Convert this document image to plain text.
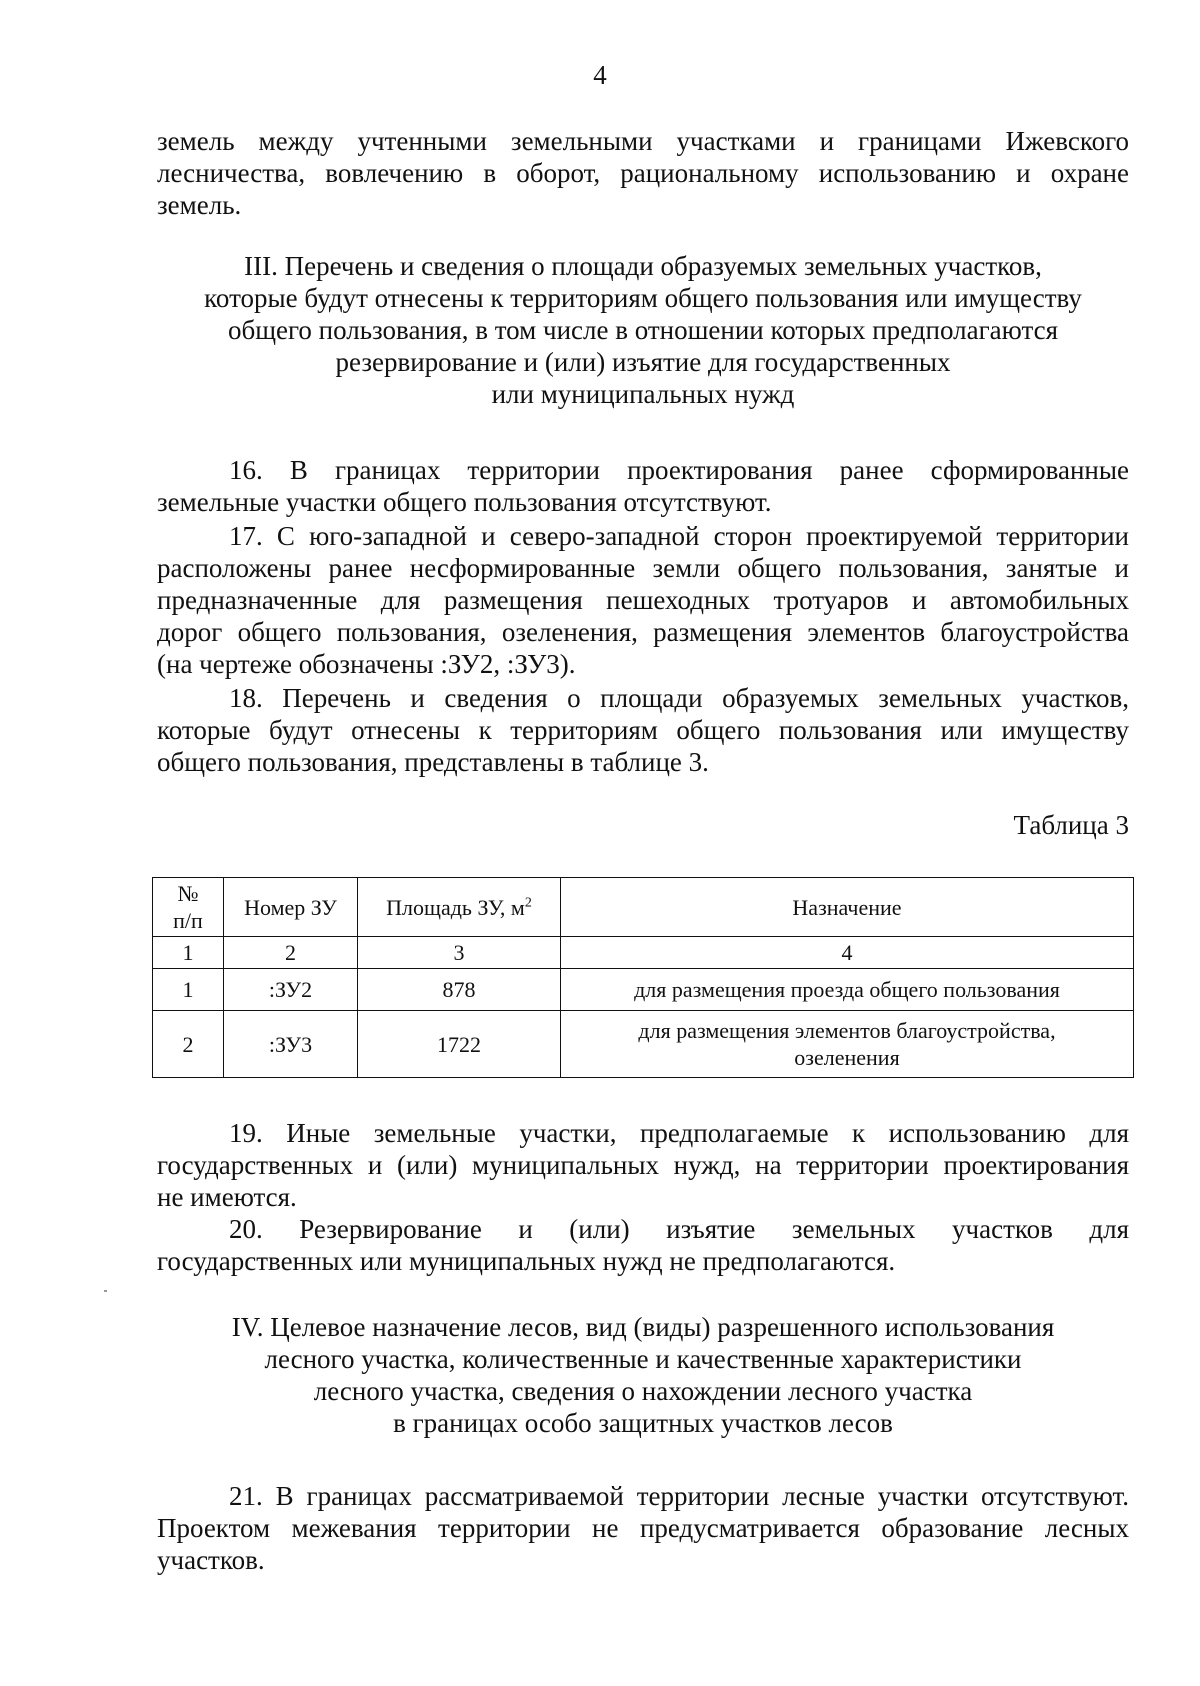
4
земель между учтенными земельными участками и границами Ижевского
лесничества, вовлечению в оборот, рациональному использованию и охране
земель.
III. Перечень и сведения о площади образуемых земельных участков,
которые будут отнесены к территориям общего пользования или имуществу
общего пользования, в том числе в отношении которых предполагаются
резервирование и (или) изъятие для государственных
или муниципальных нужд
16. В границах территории проектирования ранее сформированные
земельные участки общего пользования отсутствуют.
17. С юго-западной и северо-западной сторон проектируемой территории
расположены ранее несформированные земли общего пользования, занятые и
предназначенные для размещения пешеходных тротуаров и автомобильных
дорог общего пользования, озеленения, размещения элементов благоустройства
(на чертеже обозначены :ЗУ2, :ЗУ3).
18. Перечень и сведения о площади образуемых земельных участков,
которые будут отнесены к территориям общего пользования или имуществу
общего пользования, представлены в таблице 3.
Таблица 3
№
п/п	Номер ЗУ	Площадь ЗУ, $м^2$	Назначение
1	2	3	4
1	:ЗУ2	878	для размещения проезда общего пользования

2	:ЗУ3	1722	для размещения элементов благоустройства,
озеленения
19. Иные земельные участки, предполагаемые к использованию для
государственных и (или) муниципальных нужд, на территории проектирования
не имеются.
20. Резервирование и (или) изъятие земельных участков для
государственных или муниципальных нужд не предполагаются.
IV. Целевое назначение лесов, вид (виды) разрешенного использования
лесного участка, количественные и качественные характеристики
лесного участка, сведения о нахождении лесного участка
в границах особо защитных участков лесов
21. В границах рассматриваемой территории лесные участки отсутствуют.
Проектом межевания территории не предусматривается образование лесных
участков.
